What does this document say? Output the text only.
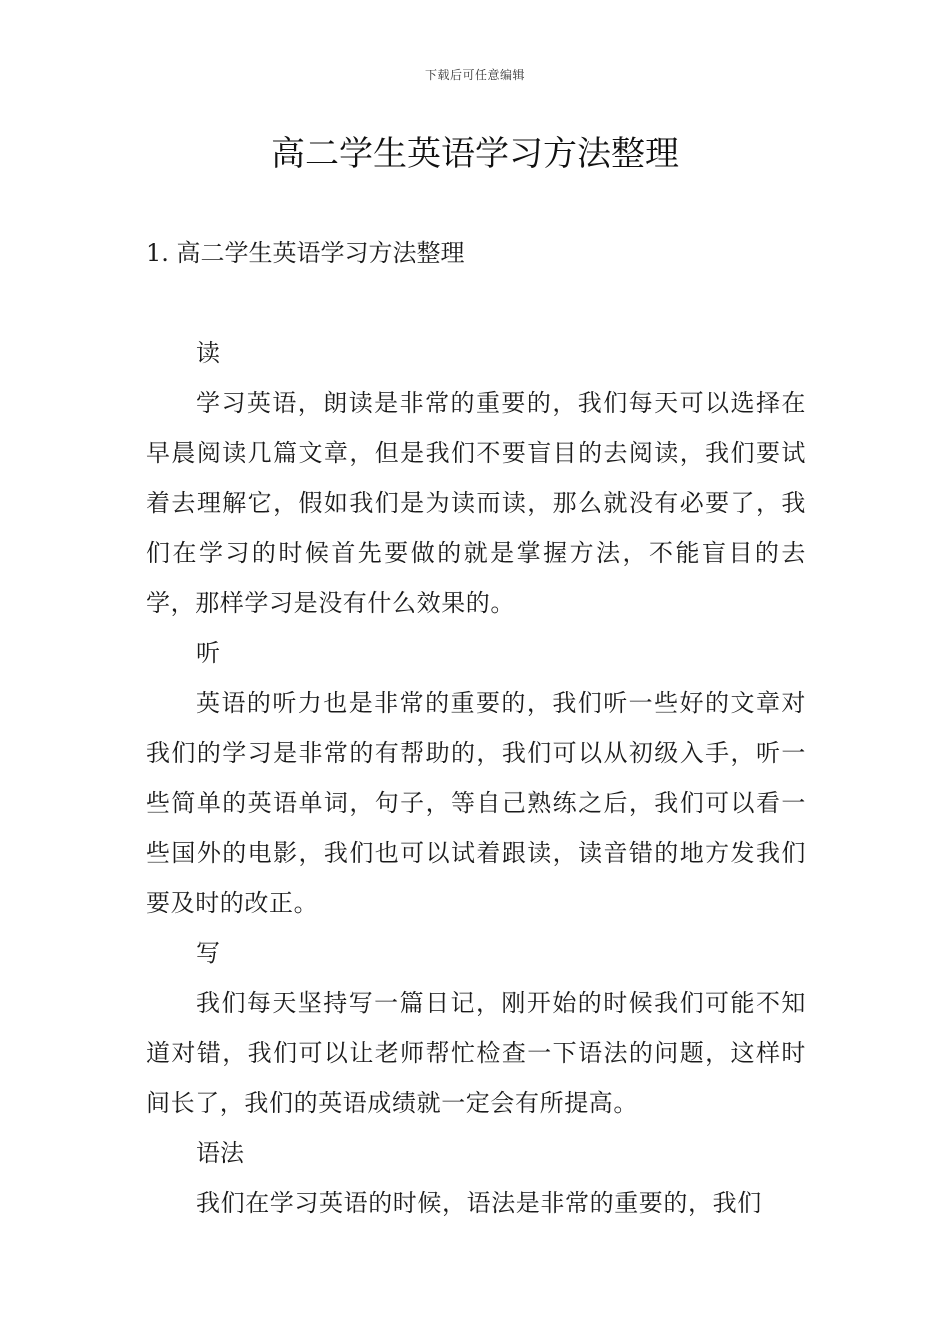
下载后可任意编辑
高二学生英语学习方法整理
1. 高二学生英语学习方法整理

读

学习英语，朗读是非常的重要的，我们每天可以选择在早晨阅读几篇文章，但是我们不要盲目的去阅读，我们要试着去理解它，假如我们是为读而读，那么就没有必要了，我们在学习的时候首先要做的就是掌握方法，不能盲目的去学，那样学习是没有什么效果的。

听

英语的听力也是非常的重要的，我们听一些好的文章对我们的学习是非常的有帮助的，我们可以从初级入手，听一些简单的英语单词，句子，等自己熟练之后，我们可以看一些国外的电影，我们也可以试着跟读，读音错的地方发我们要及时的改正。

写

我们每天坚持写一篇日记，刚开始的时候我们可能不知道对错，我们可以让老师帮忙检查一下语法的问题，这样时间长了，我们的英语成绩就一定会有所提高。

语法

我们在学习英语的时候，语法是非常的重要的，我们
